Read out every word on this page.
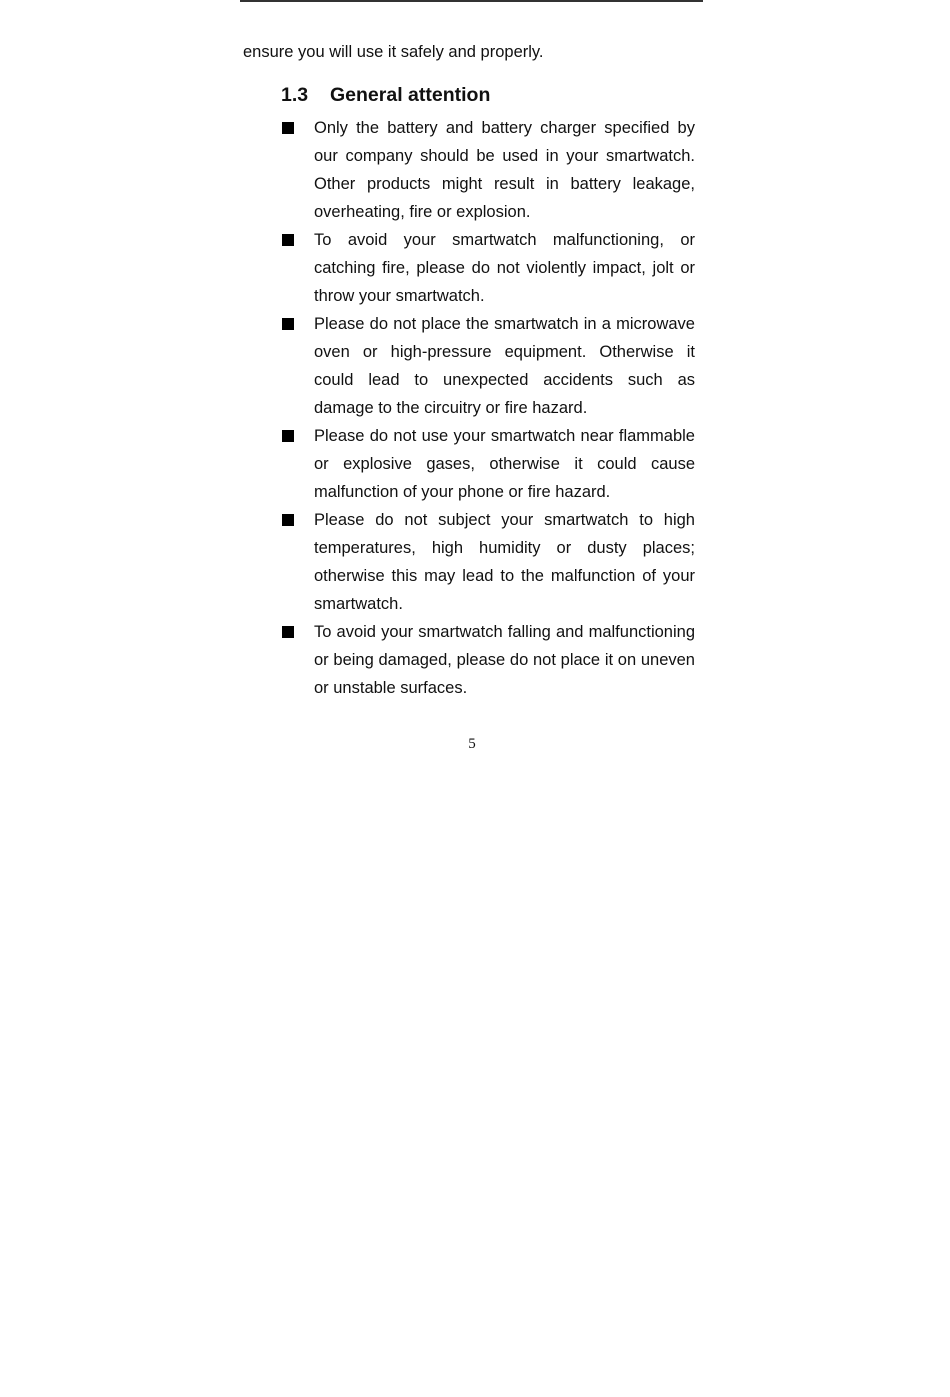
ensure you will use it safely and properly.
1.3 General attention
Only the battery and battery charger specified by our company should be used in your smartwatch. Other products might result in battery leakage, overheating, fire or explosion.
To avoid your smartwatch malfunctioning, or catching fire, please do not violently impact, jolt or throw your smartwatch.
Please do not place the smartwatch in a microwave oven or high-pressure equipment. Otherwise it could lead to unexpected accidents such as damage to the circuitry or fire hazard.
Please do not use your smartwatch near flammable or explosive gases, otherwise it could cause malfunction of your phone or fire hazard.
Please do not subject your smartwatch to high temperatures, high humidity or dusty places; otherwise this may lead to the malfunction of your smartwatch.
To avoid your smartwatch falling and malfunctioning or being damaged, please do not place it on uneven or unstable surfaces.
5
